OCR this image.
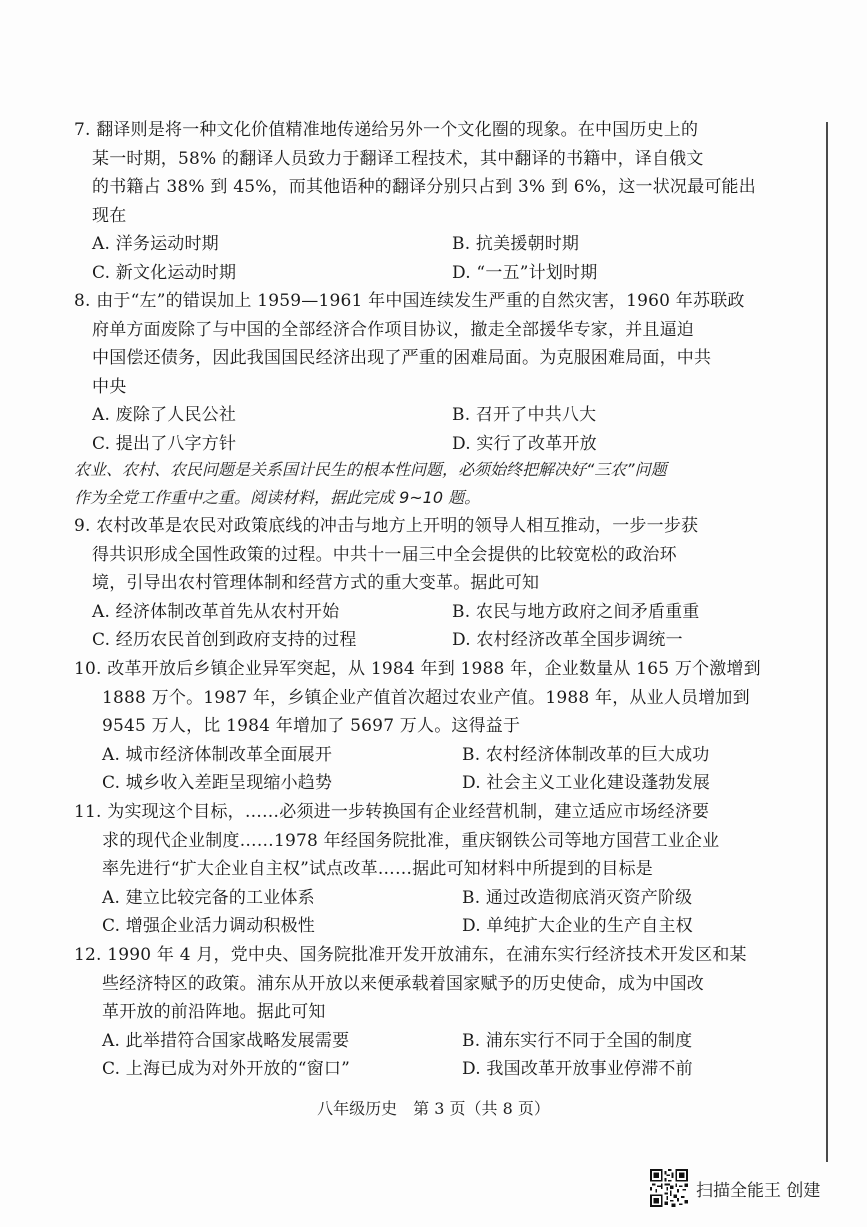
7. 翻译则是将一种文化价值精准地传递给另外一个文化圈的现象。在中国历史上的
某一时期，58% 的翻译人员致力于翻译工程技术，其中翻译的书籍中，译自俄文
的书籍占 38% 到 45%，而其他语种的翻译分别只占到 3% 到 6%，这一状况最可能出
现在
A. 洋务运动时期	B. 抗美援朝时期
C. 新文化运动时期	D. “一五”计划时期
8. 由于“左”的错误加上 1959—1961 年中国连续发生严重的自然灾害，1960 年苏联政
府单方面废除了与中国的全部经济合作项目协议，撤走全部援华专家，并且逼迫
中国偿还债务，因此我国国民经济出现了严重的困难局面。为克服困难局面，中共
中央
A. 废除了人民公社	B. 召开了中共八大
C. 提出了八字方针	D. 实行了改革开放
农业、农村、农民问题是关系国计民生的根本性问题，必须始终把解决好“三农”问题
作为全党工作重中之重。阅读材料，据此完成 9~10 题。
9. 农村改革是农民对政策底线的冲击与地方上开明的领导人相互推动，一步一步获
得共识形成全国性政策的过程。中共十一届三中全会提供的比较宽松的政治环
境，引导出农村管理体制和经营方式的重大变革。据此可知
A. 经济体制改革首先从农村开始	B. 农民与地方政府之间矛盾重重
C. 经历农民首创到政府支持的过程	D. 农村经济改革全国步调统一
10. 改革开放后乡镇企业异军突起，从 1984 年到 1988 年，企业数量从 165 万个激增到
1888 万个。1987 年，乡镇企业产值首次超过农业产值。1988 年，从业人员增加到
9545 万人，比 1984 年增加了 5697 万人。这得益于
A. 城市经济体制改革全面展开	B. 农村经济体制改革的巨大成功
C. 城乡收入差距呈现缩小趋势	D. 社会主义工业化建设蓬勃发展
11. 为实现这个目标，……必须进一步转换国有企业经营机制，建立适应市场经济要
求的现代企业制度……1978 年经国务院批准，重庆钢铁公司等地方国营工业企业
率先进行“扩大企业自主权”试点改革……据此可知材料中所提到的目标是
A. 建立比较完备的工业体系	B. 通过改造彻底消灭资产阶级
C. 增强企业活力调动积极性	D. 单纯扩大企业的生产自主权
12. 1990 年 4 月，党中央、国务院批准开发开放浦东，在浦东实行经济技术开发区和某
些经济特区的政策。浦东从开放以来便承载着国家赋予的历史使命，成为中国改
革开放的前沿阵地。据此可知
A. 此举措符合国家战略发展需要	B. 浦东实行不同于全国的制度
C. 上海已成为对外开放的“窗口”	D. 我国改革开放事业停滞不前
八年级历史　第 3 页（共 8 页）
扫描全能王 创建
